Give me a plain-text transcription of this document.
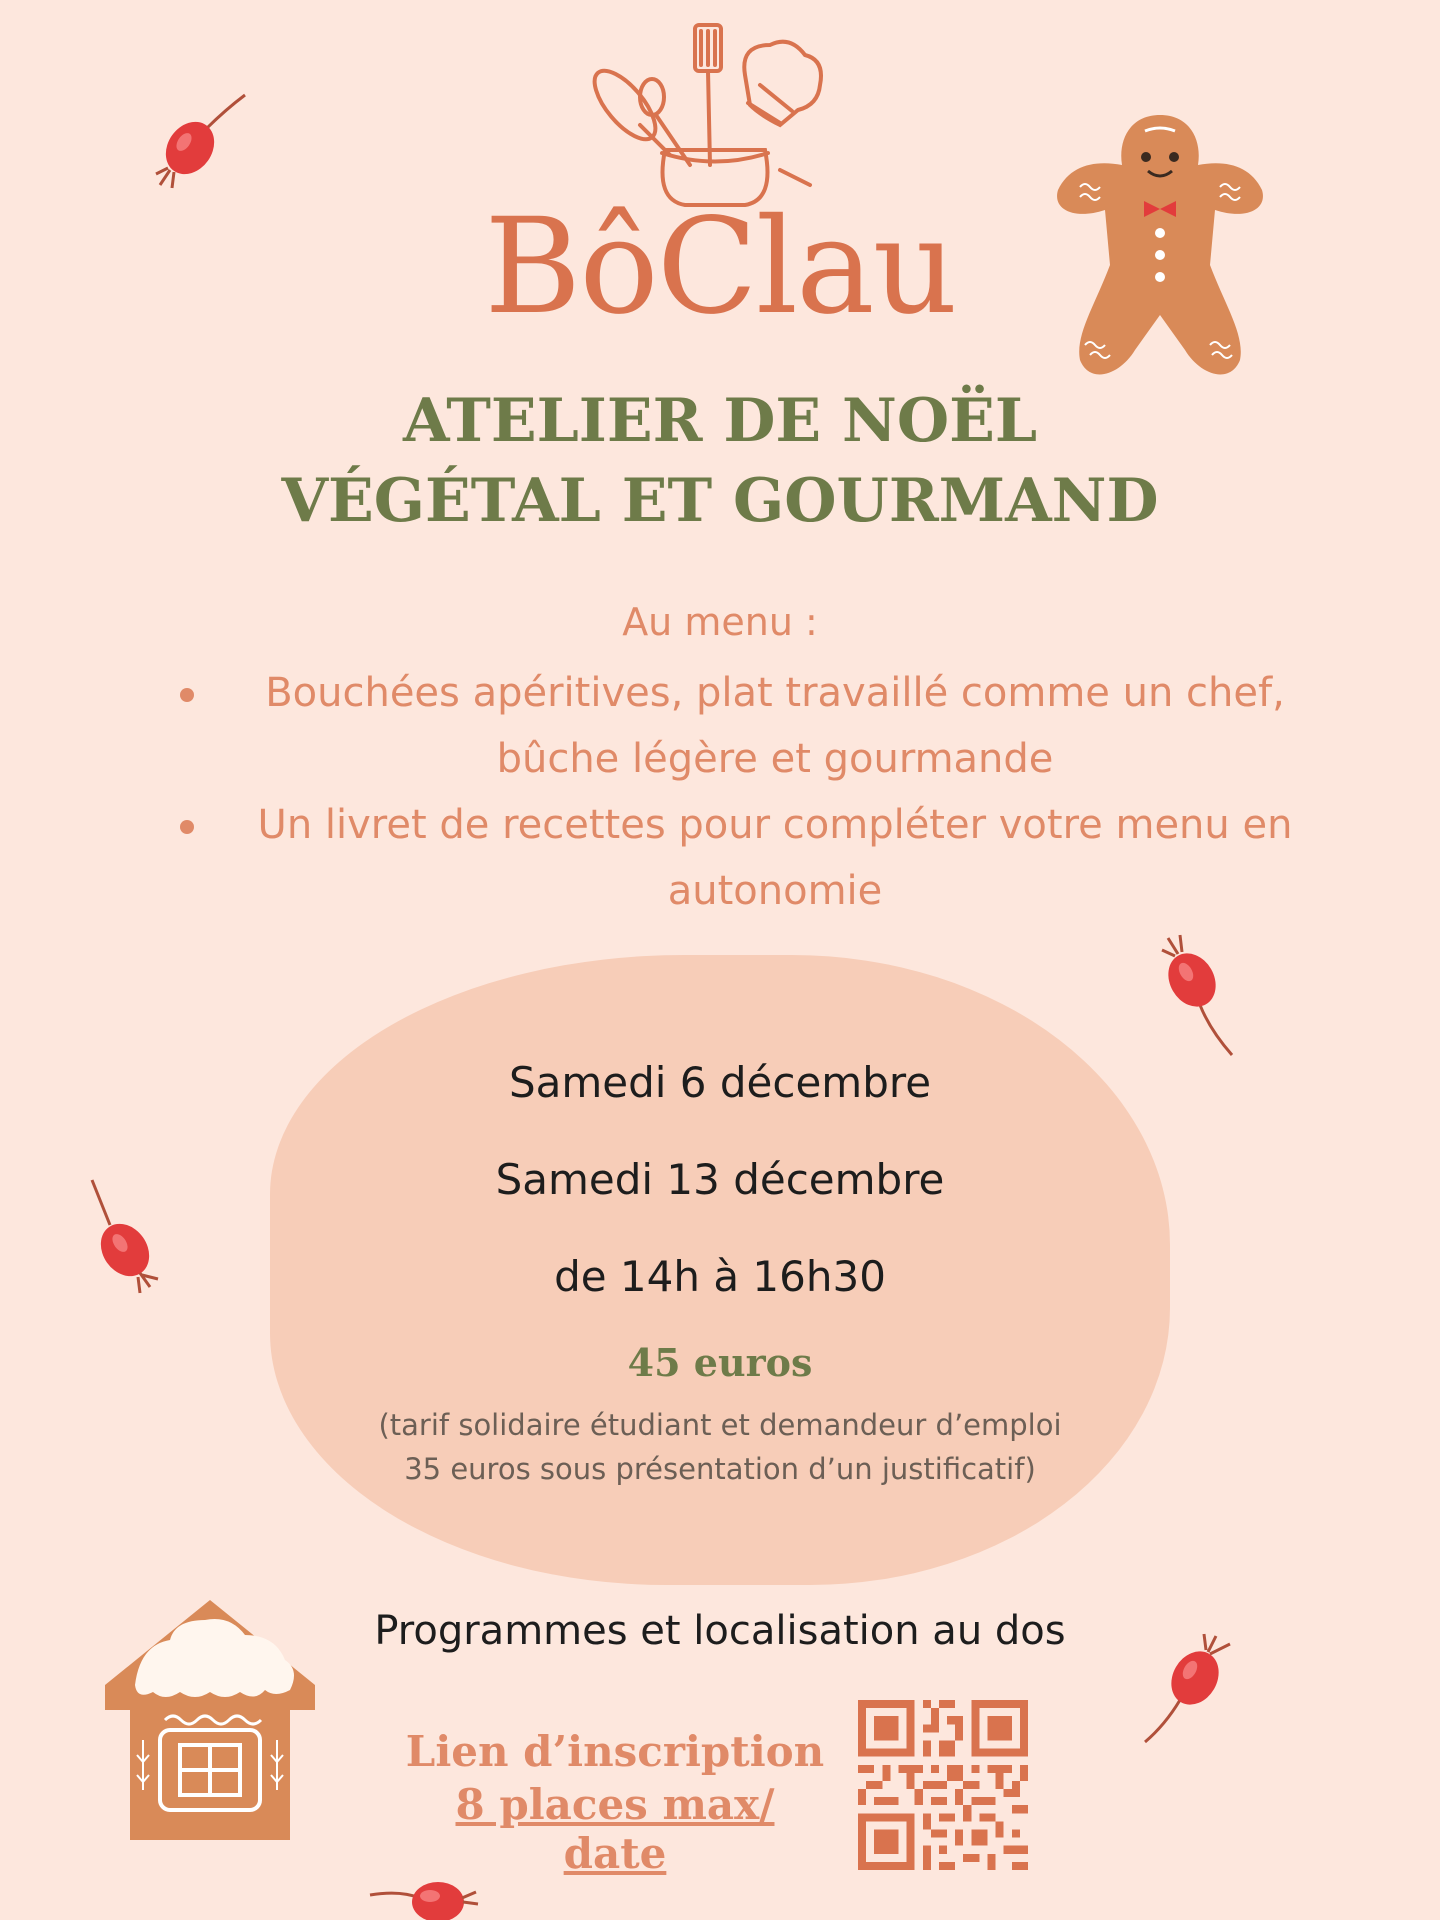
BôClau
ATELIER DE NOËL
VÉGÉTAL ET GOURMAND
Au menu :
Bouchées apéritives, plat travaillé comme un chef, bûche légère et gourmande
Un livret de recettes pour compléter votre menu en autonomie
Samedi 6 décembre
Samedi 13 décembre
de 14h à 16h30
45 euros
(tarif solidaire étudiant et demandeur d’emploi
35 euros sous présentation d’un justificatif)
Programmes et localisation au dos
Lien d’inscription
8 places max/ date
